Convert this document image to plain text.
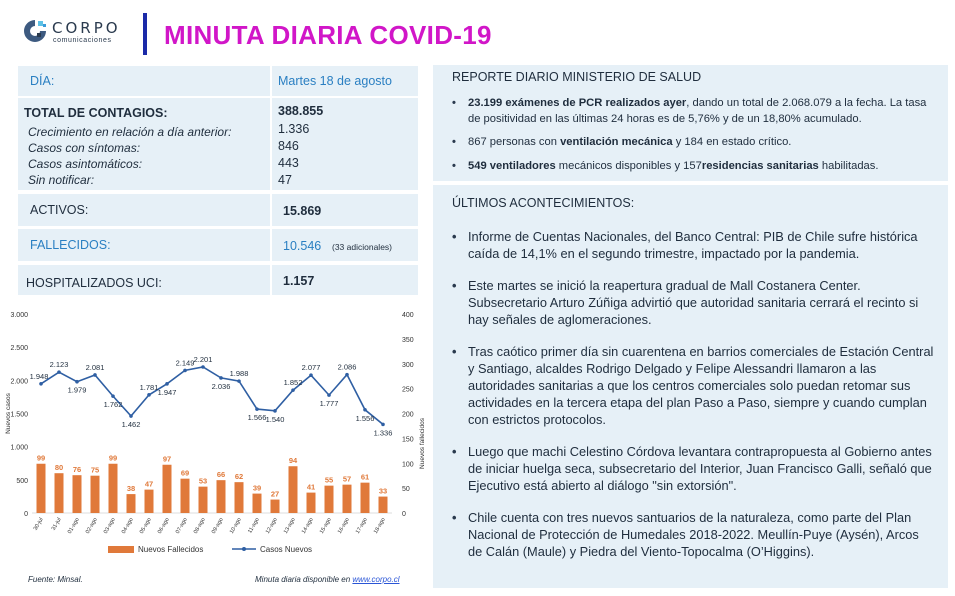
CORPO
comunicaciones MINUTA DIARIA COVID-19
DÍA:	Martes 18 de agosto
TOTAL DE CONTAGIOS:	388.855
Crecimiento en relación a día anterior:	1.336
Casos con síntomas:	846
Casos asintomáticos:	443
Sin notificar:	47
ACTIVOS:	15.869
FALLECIDOS:	10.546 (33 adicionales)
HOSPITALIZADOS UCI:	1.157
REPORTE DIARIO MINISTERIO DE SALUD
• 23.199 exámenes de PCR realizados ayer, dando un total de 2.068.079 a la fecha. La tasa de positividad en las últimas 24 horas es de 5,76% y de un 18,80% acumulado.
• 867 personas con ventilación mecánica y 184 en estado crítico.
• 549 ventiladores mecánicos disponibles y 157residencias sanitarias habilitadas.
ÚLTIMOS ACONTECIMIENTOS:
• Informe de Cuentas Nacionales, del Banco Central: PIB de Chile sufre histórica caída de 14,1% en el segundo trimestre, impactado por la pandemia.
• Este martes se inició la reapertura gradual de Mall Costanera Center. Subsecretario Arturo Zúñiga advirtió que autoridad sanitaria cerrará el recinto si hay señales de aglomeraciones.
• Tras caótico primer día sin cuarentena en barrios comerciales de Estación Central y Santiago, alcaldes Rodrigo Delgado y Felipe Alessandri llamaron a las autoridades sanitarias a que los centros comerciales solo puedan retomar sus actividades en la tercera etapa del plan Paso a Paso, siempre y cuando cumplan con estrictos protocolos.
• Luego que machi Celestino Córdova levantara contrapropuesta al Gobierno antes de iniciar huelga seca, subsecretario del Interior, Juan Francisco Galli, señaló que Ejecutivo está abierto al diálogo "sin extorsión".
• Chile cuenta con tres nuevos santuarios de la naturaleza, como parte del Plan Nacional de Protección de Humedales 2018-2022. Meullín-Puye (Aysén), Arcos de Calán (Maule) y Piedra del Viento-Topocalma (O’Higgins).
0
500
1.000
1.500
2.000
2.500
3.000
0
50
100
150
200
250
300
350
400
Nuevos casos
Nuevos fallecidos
99
80 76 75
99
38 47
97
69
53
66 62
39
27
94
41
55 57 61
33
1.948
2.123
1.979
2.081
1.762
1.462
1.781
1.947
2.149 2.201
2.036
1.988
1.566 1.540
1.852
2.077
1.777
2.086
1.556
1.336
30-jul 31-jul 01-ago 02-ago 03-ago 04-ago 05-ago 06-ago 07-ago 08-ago 09-ago 10-ago 11-ago 12-ago 13-ago 14-ago 15-ago 16-ago 17-ago 18-ago
Nuevos Fallecidos	Casos Nuevos
Fuente: Minsal.	Minuta diaria disponible en www.corpo.cl
